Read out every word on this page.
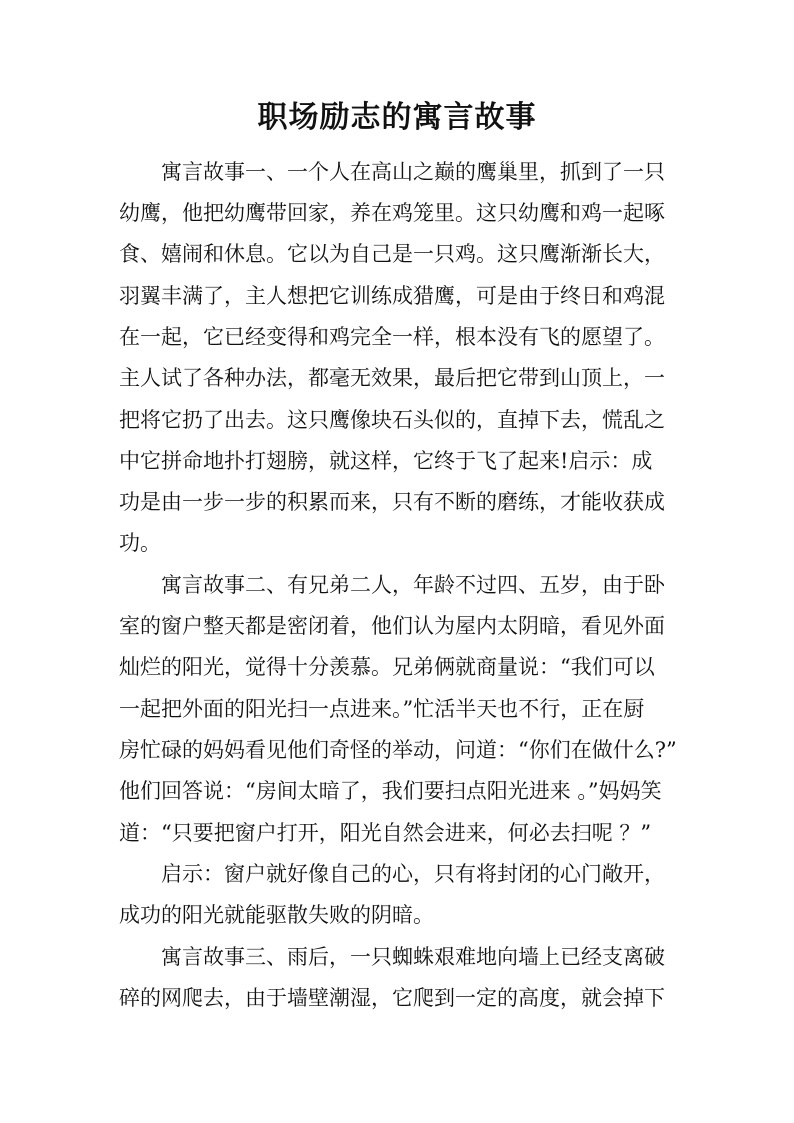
职场励志的寓言故事

　　寓言故事一、一个人在高山之巅的鹰巢里，抓到了一只

幼鹰，他把幼鹰带回家，养在鸡笼里。这只幼鹰和鸡一起啄

食、嬉闹和休息。它以为自己是一只鸡。这只鹰渐渐长大，

羽翼丰满了，主人想把它训练成猎鹰，可是由于终日和鸡混

在一起，它已经变得和鸡完全一样，根本没有飞的愿望了。

主人试了各种办法，都毫无效果，最后把它带到山顶上，一

把将它扔了出去。这只鹰像块石头似的，直掉下去，慌乱之

中它拼命地扑打翅膀，就这样，它终于飞了起来!启示：成

功是由一步一步的积累而来，只有不断的磨练，才能收获成

功。

　　寓言故事二、有兄弟二人，年龄不过四、五岁，由于卧

室的窗户整天都是密闭着，他们认为屋内太阴暗，看见外面

灿烂的阳光，觉得十分羡慕。兄弟俩就商量说：“我们可以

一起把外面的阳光扫一点进来。”忙活半天也不行，正在厨

房忙碌的妈妈看见他们奇怪的举动，问道：“你们在做什么?”

他们回答说：“房间太暗了，我们要扫点阳光进来 。”妈妈笑

道：“只要把窗户打开，阳光自然会进来，何必去扫呢 ？”

　　启示：窗户就好像自己的心，只有将封闭的心门敞开，

成功的阳光就能驱散失败的阴暗。

　　寓言故事三、雨后，一只蜘蛛艰难地向墙上已经支离破

碎的网爬去，由于墙壁潮湿，它爬到一定的高度，就会掉下
